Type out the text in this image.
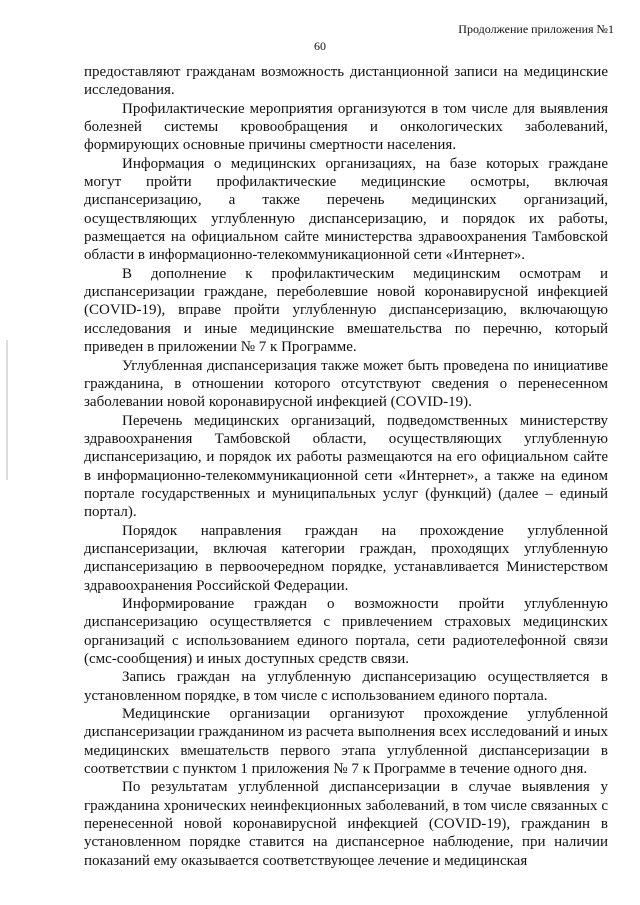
Продолжение приложения №1
60

предоставляют гражданам возможность дистанционной записи на медицинские исследования.

Профилактические мероприятия организуются в том числе для выявления болезней системы кровообращения и онкологических заболеваний, формирующих основные причины смертности населения.

Информация о медицинских организациях, на базе которых граждане могут пройти профилактические медицинские осмотры, включая диспансеризацию, а также перечень медицинских организаций, осуществляющих углубленную диспансеризацию, и порядок их работы, размещается на официальном сайте министерства здравоохранения Тамбовской области в информационно-телекоммуникационной сети «Интернет».

В дополнение к профилактическим медицинским осмотрам и диспансеризации граждане, переболевшие новой коронавирусной инфекцией (COVID-19), вправе пройти углубленную диспансеризацию, включающую исследования и иные медицинские вмешательства по перечню, который приведен в приложении № 7 к Программе.

Углубленная диспансеризация также может быть проведена по инициативе гражданина, в отношении которого отсутствуют сведения о перенесенном заболевании новой коронавирусной инфекцией (COVID-19).

Перечень медицинских организаций, подведомственных министерству здравоохранения Тамбовской области, осуществляющих углубленную диспансеризацию, и порядок их работы размещаются на его официальном сайте в информационно-телекоммуникационной сети «Интернет», а также на едином портале государственных и муниципальных услуг (функций) (далее – единый портал).

Порядок направления граждан на прохождение углубленной диспансеризации, включая категории граждан, проходящих углубленную диспансеризацию в первоочередном порядке, устанавливается Министерством здравоохранения Российской Федерации.

Информирование граждан о возможности пройти углубленную диспансеризацию осуществляется с привлечением страховых медицинских организаций с использованием единого портала, сети радиотелефонной связи (смс-сообщения) и иных доступных средств связи.

Запись граждан на углубленную диспансеризацию осуществляется в установленном порядке, в том числе с использованием единого портала.

Медицинские организации организуют прохождение углубленной диспансеризации гражданином из расчета выполнения всех исследований и иных медицинских вмешательств первого этапа углубленной диспансеризации в соответствии с пунктом 1 приложения № 7 к Программе в течение одного дня.

По результатам углубленной диспансеризации в случае выявления у гражданина хронических неинфекционных заболеваний, в том числе связанных с перенесенной новой коронавирусной инфекцией (COVID-19), гражданин в установленном порядке ставится на диспансерное наблюдение, при наличии показаний ему оказывается соответствующее лечение и медицинская
